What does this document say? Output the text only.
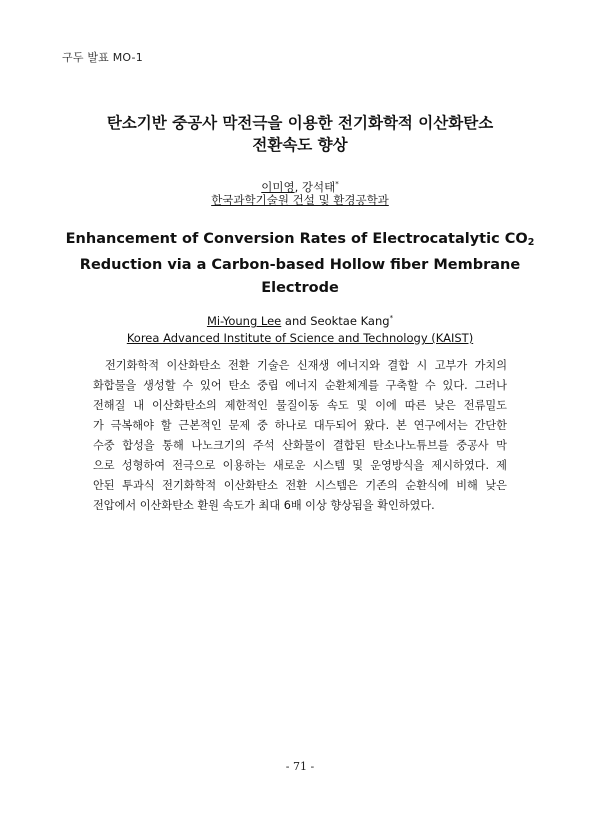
구두 발표 MO-1
탄소기반 중공사 막전극을 이용한 전기화학적 이산화탄소
전환속도 향상
이미영, 강석태*
한국과학기술원 건설 및 환경공학과
Enhancement of Conversion Rates of Electrocatalytic $CO_2$
Reduction via a Carbon-based Hollow fiber Membrane
Electrode
Mi-Young Lee and Seoktae Kang*
Korea Advanced Institute of Science and Technology (KAIST)
전기화학적 이산화탄소 전환 기술은 신재생 에너지와 결합 시 고부가 가치의
화합물을 생성할 수 있어 탄소 중립 에너지 순환체계를 구축할 수 있다. 그러나
전해질 내 이산화탄소의 제한적인 물질이동 속도 및 이에 따른 낮은 전류밀도
가 극복해야 할 근본적인 문제 중 하나로 대두되어 왔다. 본 연구에서는 간단한
수중 합성을 통해 나노크기의 주석 산화물이 결합된 탄소나노튜브를 중공사 막
으로 성형하여 전극으로 이용하는 새로운 시스템 및 운영방식을 제시하였다. 제
안된 투과식 전기화학적 이산화탄소 전환 시스템은 기존의 순환식에 비해 낮은
전압에서 이산화탄소 환원 속도가 최대 6배 이상 향상됨을 확인하였다.
- 71 -
